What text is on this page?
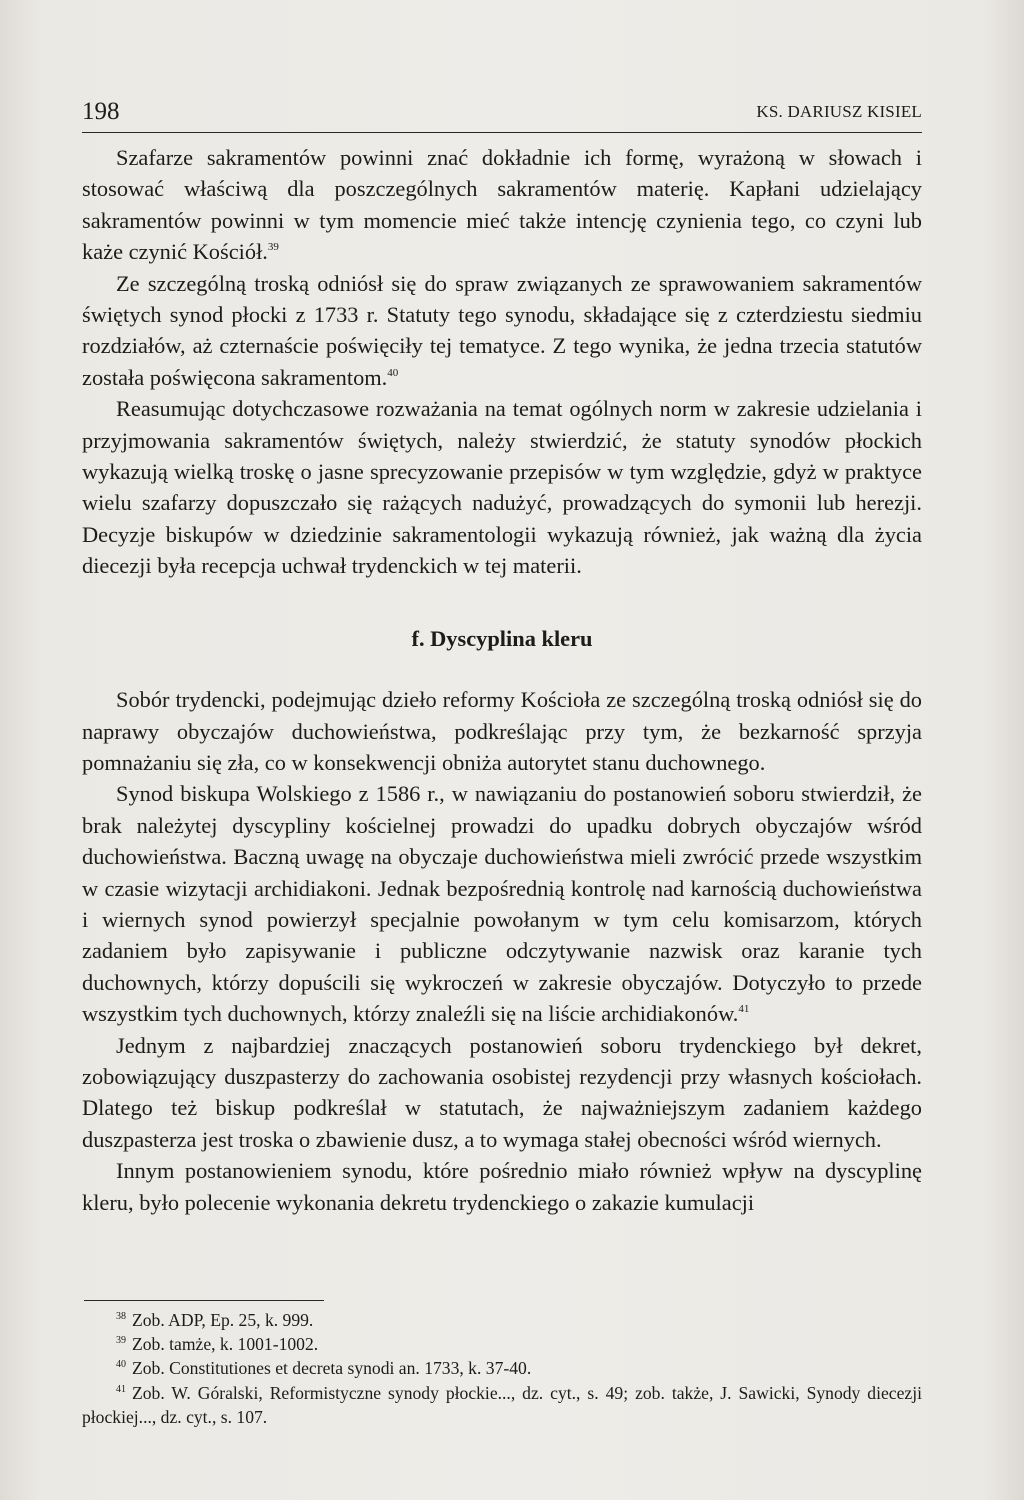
198	KS. DARIUSZ KISIEL

Szafarze sakramentów powinni znać dokładnie ich formę, wyrażoną w słowach i stosować właściwą dla poszczególnych sakramentów materię. Kapłani udzielający sakramentów powinni w tym momencie mieć także intencję czynienia tego, co czyni lub każe czynić Kościół.$^{39}$

Ze szczególną troską odniósł się do spraw związanych ze sprawowaniem sakramentów świętych synod płocki z 1733 r. Statuty tego synodu, składające się z czterdziestu siedmiu rozdziałów, aż czternaście poświęciły tej tematyce. Z tego wynika, że jedna trzecia statutów została poświęcona sakramentom.$^{40}$

Reasumując dotychczasowe rozważania na temat ogólnych norm w zakresie udzielania i przyjmowania sakramentów świętych, należy stwierdzić, że statuty synodów płockich wykazują wielką troskę o jasne sprecyzowanie przepisów w tym względzie, gdyż w praktyce wielu szafarzy dopuszczało się rażących nadużyć, prowadzących do symonii lub herezji. Decyzje biskupów w dziedzinie sakramentologii wykazują również, jak ważną dla życia diecezji była recepcja uchwał trydenckich w tej materii.

f. Dyscyplina kleru

Sobór trydencki, podejmując dzieło reformy Kościoła ze szczególną troską odniósł się do naprawy obyczajów duchowieństwa, podkreślając przy tym, że bezkarność sprzyja pomnażaniu się zła, co w konsekwencji obniża autorytet stanu duchownego.

Synod biskupa Wolskiego z 1586 r., w nawiązaniu do postanowień soboru stwierdził, że brak należytej dyscypliny kościelnej prowadzi do upadku dobrych obyczajów wśród duchowieństwa. Baczną uwagę na obyczaje duchowieństwa mieli zwrócić przede wszystkim w czasie wizytacji archidiakoni. Jednak bezpośrednią kontrolę nad karnością duchowieństwa i wiernych synod powierzył specjalnie powołanym w tym celu komisarzom, których zadaniem było zapisywanie i publiczne odczytywanie nazwisk oraz karanie tych duchownych, którzy dopuścili się wykroczeń w zakresie obyczajów. Dotyczyło to przede wszystkim tych duchownych, którzy znaleźli się na liście archidiakonów.$^{41}$

Jednym z najbardziej znaczących postanowień soboru trydenckiego był dekret, zobowiązujący duszpasterzy do zachowania osobistej rezydencji przy własnych kościołach. Dlatego też biskup podkreślał w statutach, że najważniejszym zadaniem każdego duszpasterza jest troska o zbawienie dusz, a to wymaga stałej obecności wśród wiernych.

Innym postanowieniem synodu, które pośrednio miało również wpływ na dyscyplinę kleru, było polecenie wykonania dekretu trydenckiego o zakazie kumulacji

$^{38}$ Zob. ADP, Ep. 25, k. 999.

$^{39}$ Zob. tamże, k. 1001-1002.

$^{40}$ Zob. Constitutiones et decreta synodi an. 1733, k. 37-40.

$^{41}$ Zob. W. Góralski, Reformistyczne synody płockie..., dz. cyt., s. 49; zob. także, J. Sawicki, Synody diecezji płockiej..., dz. cyt., s. 107.
